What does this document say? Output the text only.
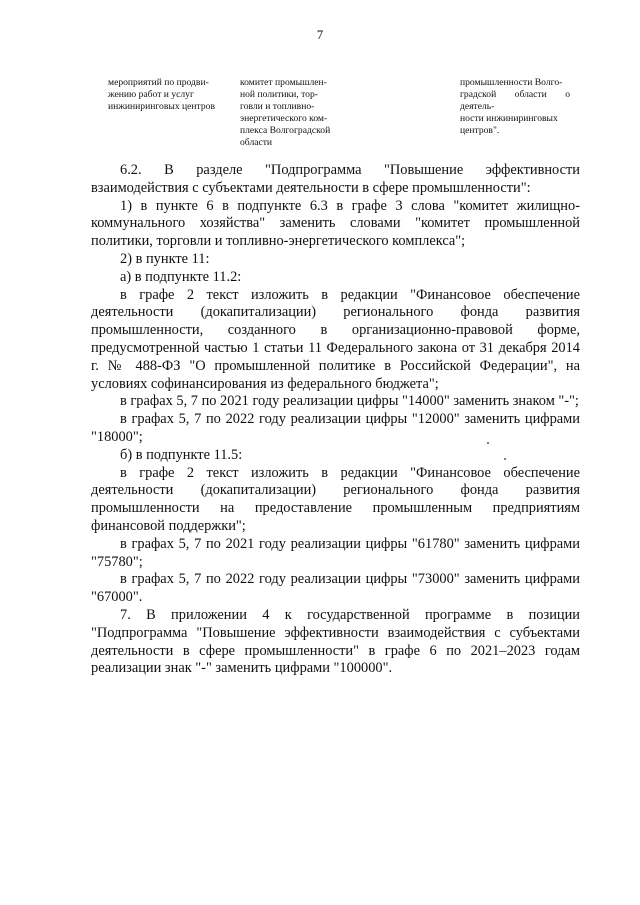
7
мероприятий по продви-
жению работ и услуг
инжиниринговых центров
комитет промышлен-
ной политики, тор-
говли и топливно-
энергетического ком-
плекса Волгоградской
области
промышленности Волго-
градской области о деятель-
ности инжиниринговых
центров".

6.2. В разделе "Подпрограмма "Повышение эффективности взаимодействия с субъектами деятельности в сфере промышленности":

1) в пункте 6 в подпункте 6.3 в графе 3 слова "комитет жилищно-коммунального хозяйства" заменить словами "комитет промышленной политики, торговли и топливно-энергетического комплекса";

2) в пункте 11:

а) в подпункте 11.2:

в графе 2 текст изложить в редакции "Финансовое обеспечение деятельности (докапитализации) регионального фонда развития промышленности, созданного в организационно-правовой форме, предусмотренной частью 1 статьи 11 Федерального закона от 31 декабря 2014 г. № 488-ФЗ "О промышленной политике в Российской Федерации", на условиях софинансирования из федерального бюджета";

в графах 5, 7 по 2021 году реализации цифры "14000" заменить знаком "-";

в графах 5, 7 по 2022 году реализации цифры "12000" заменить цифрами "18000";

б) в подпункте 11.5:

в графе 2 текст изложить в редакции "Финансовое обеспечение деятельности (докапитализации) регионального фонда развития промышленности на предоставление промышленным предприятиям финансовой поддержки";

в графах 5, 7 по 2021 году реализации цифры "61780" заменить цифрами "75780";

в графах 5, 7 по 2022 году реализации цифры "73000" заменить цифрами "67000".

7. В приложении 4 к государственной программе в позиции "Подпрограмма "Повышение эффективности взаимодействия с субъектами деятельности в сфере промышленности" в графе 6 по 2021–2023 годам реализации знак "-" заменить цифрами "100000".
